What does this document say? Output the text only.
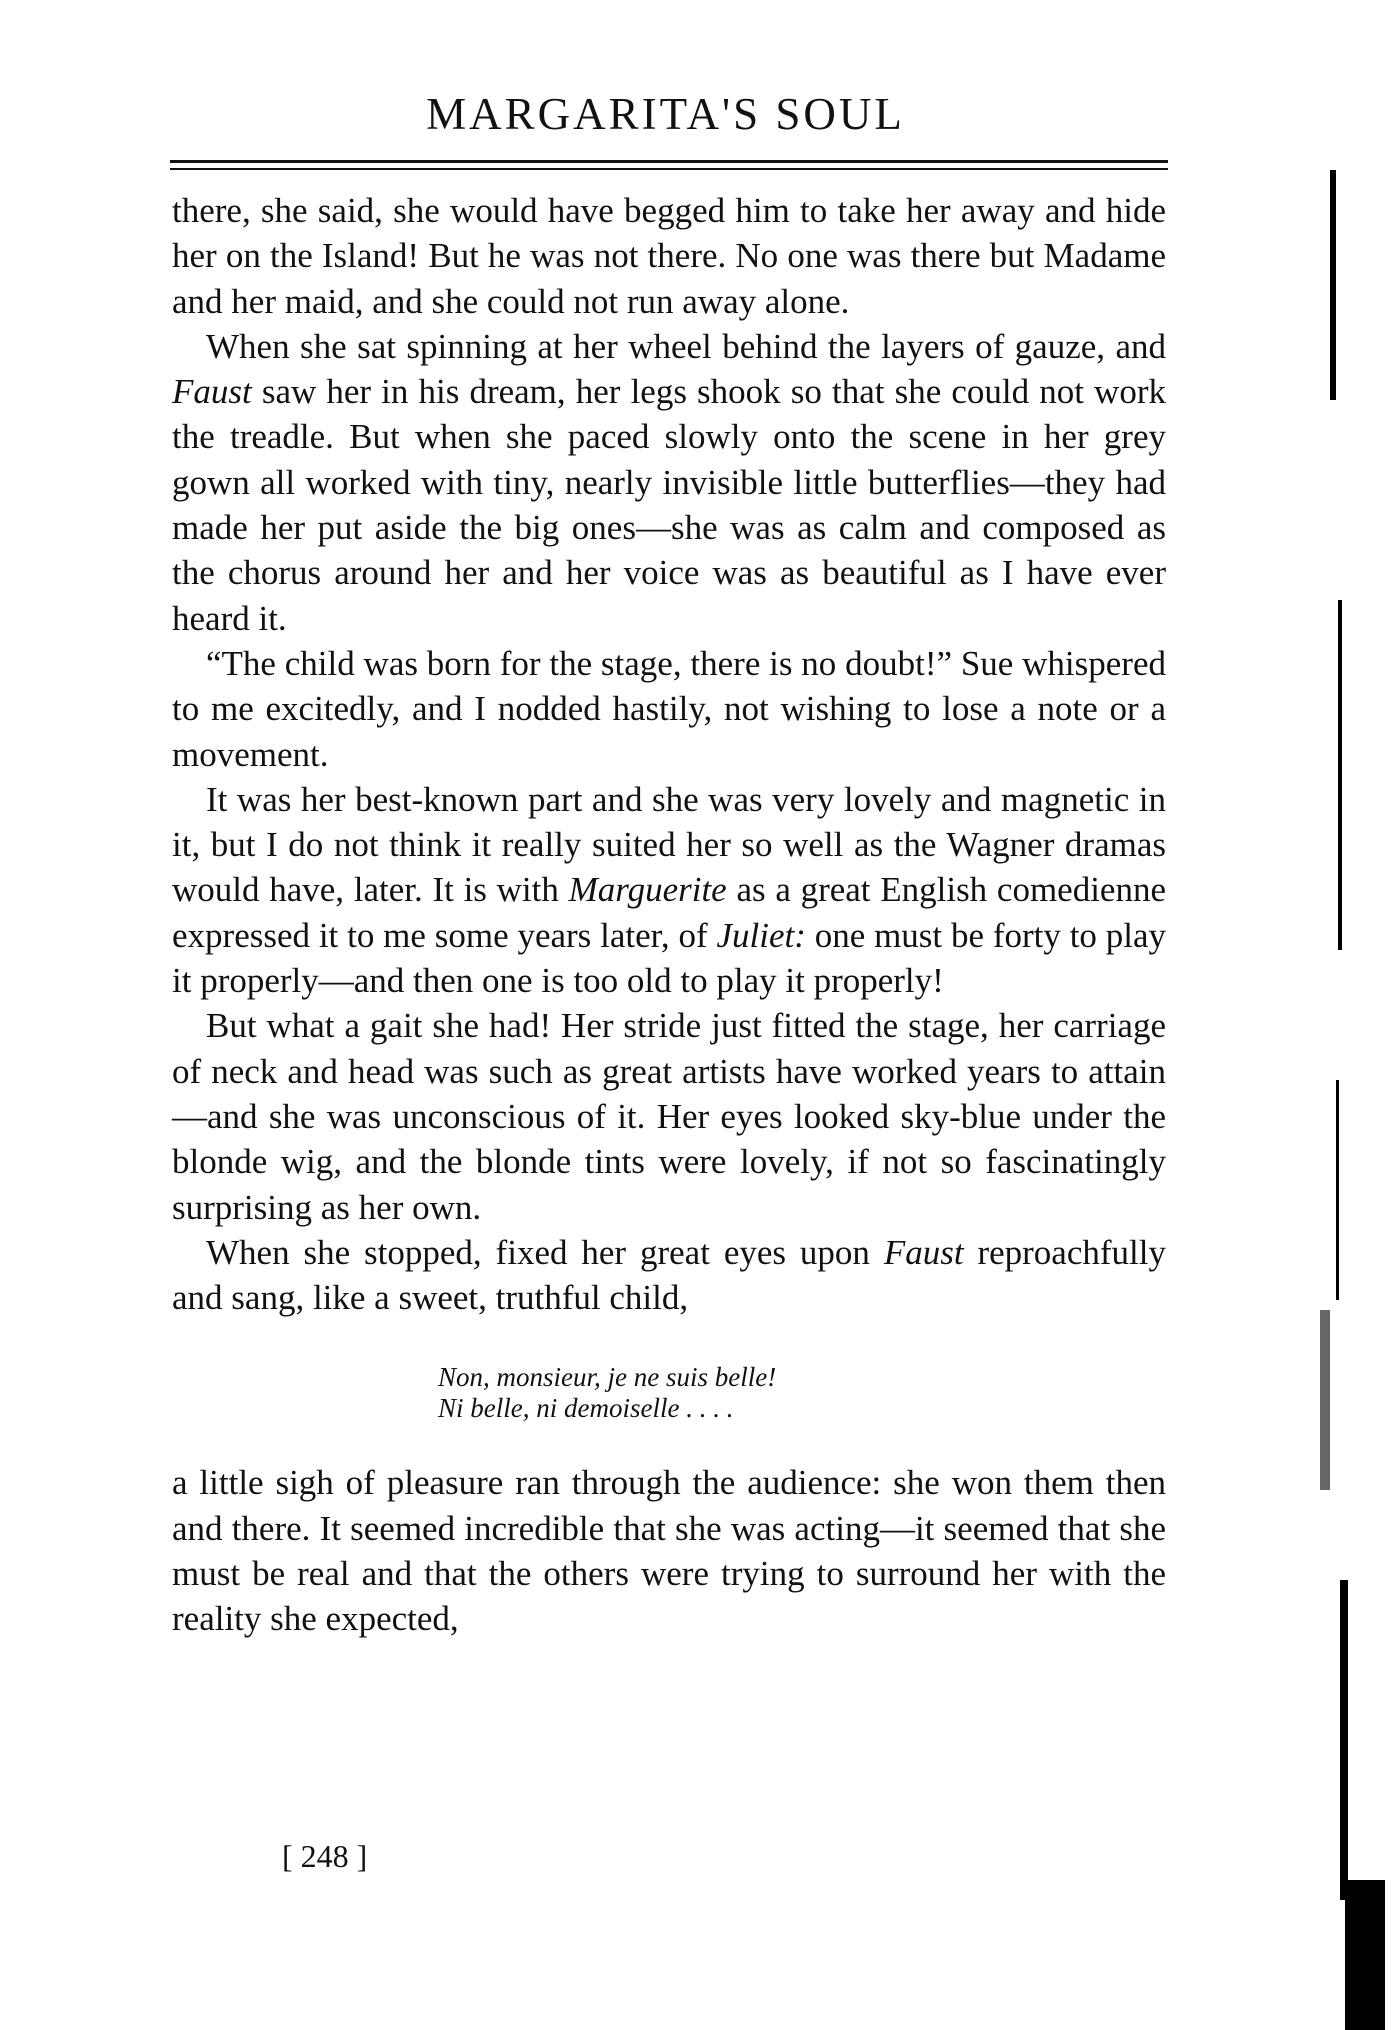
MARGARITA'S SOUL

there, she said, she would have begged him to take her away and hide her on the Island! But he was not there. No one was there but Madame and her maid, and she could not run away alone.

When she sat spinning at her wheel behind the layers of gauze, and Faust saw her in his dream, her legs shook so that she could not work the treadle. But when she paced slowly onto the scene in her grey gown all worked with tiny, nearly invisible little butterflies—they had made her put aside the big ones—she was as calm and composed as the chorus around her and her voice was as beautiful as I have ever heard it.

“The child was born for the stage, there is no doubt!” Sue whispered to me excitedly, and I nodded hastily, not wishing to lose a note or a movement.

It was her best-known part and she was very lovely and magnetic in it, but I do not think it really suited her so well as the Wagner dramas would have, later. It is with Marguerite as a great English comedienne expressed it to me some years later, of Juliet: one must be forty to play it properly—and then one is too old to play it properly!

But what a gait she had! Her stride just fitted the stage, her carriage of neck and head was such as great artists have worked years to attain—and she was unconscious of it. Her eyes looked sky-blue under the blonde wig, and the blonde tints were lovely, if not so fascinatingly surprising as her own.

When she stopped, fixed her great eyes upon Faust reproachfully and sang, like a sweet, truthful child,

Non, monsieur, je ne suis belle!
Ni belle, ni demoiselle . . . .

a little sigh of pleasure ran through the audience: she won them then and there. It seemed incredible that she was acting—it seemed that she must be real and that the others were trying to surround her with the reality she expected,

[ 248 ]
